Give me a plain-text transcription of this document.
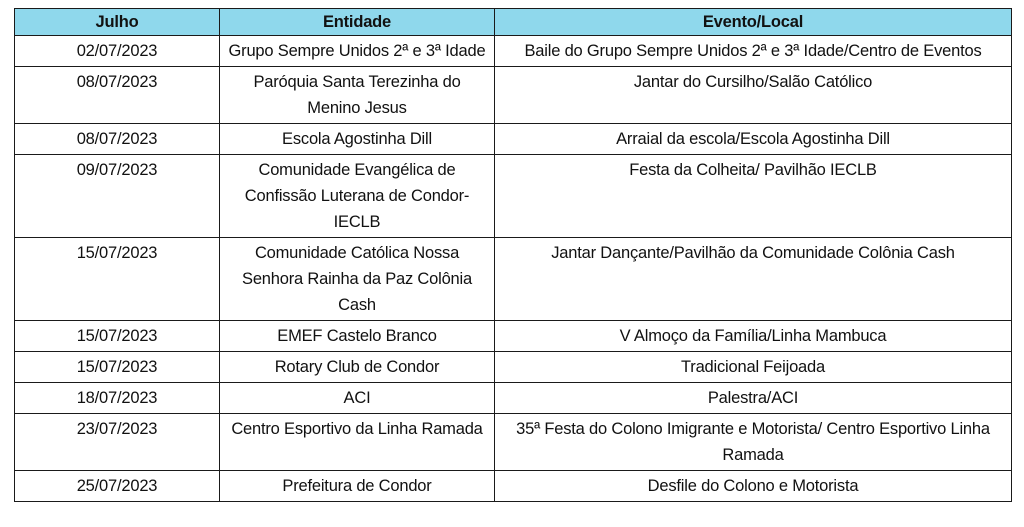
Julho	Entidade	Evento/Local
02/07/2023	Grupo Sempre Unidos 2ª e 3ª Idade	Baile do Grupo Sempre Unidos 2ª e 3ª Idade/Centro de Eventos
08/07/2023	Paróquia Santa Terezinha do Menino Jesus	Jantar do Cursilho/Salão Católico
08/07/2023	Escola Agostinha Dill	Arraial da escola/Escola Agostinha Dill
09/07/2023	Comunidade Evangélica de Confissão Luterana de Condor-IECLB	Festa da Colheita/ Pavilhão IECLB
15/07/2023	Comunidade Católica Nossa Senhora Rainha da Paz Colônia Cash	Jantar Dançante/Pavilhão da Comunidade Colônia Cash
15/07/2023	EMEF Castelo Branco	V Almoço da Família/Linha Mambuca
15/07/2023	Rotary Club de Condor	Tradicional Feijoada
18/07/2023	ACI	Palestra/ACI
23/07/2023	Centro Esportivo da Linha Ramada	35ª Festa do Colono Imigrante e Motorista/ Centro Esportivo Linha Ramada
25/07/2023	Prefeitura de Condor	Desfile do Colono e Motorista
